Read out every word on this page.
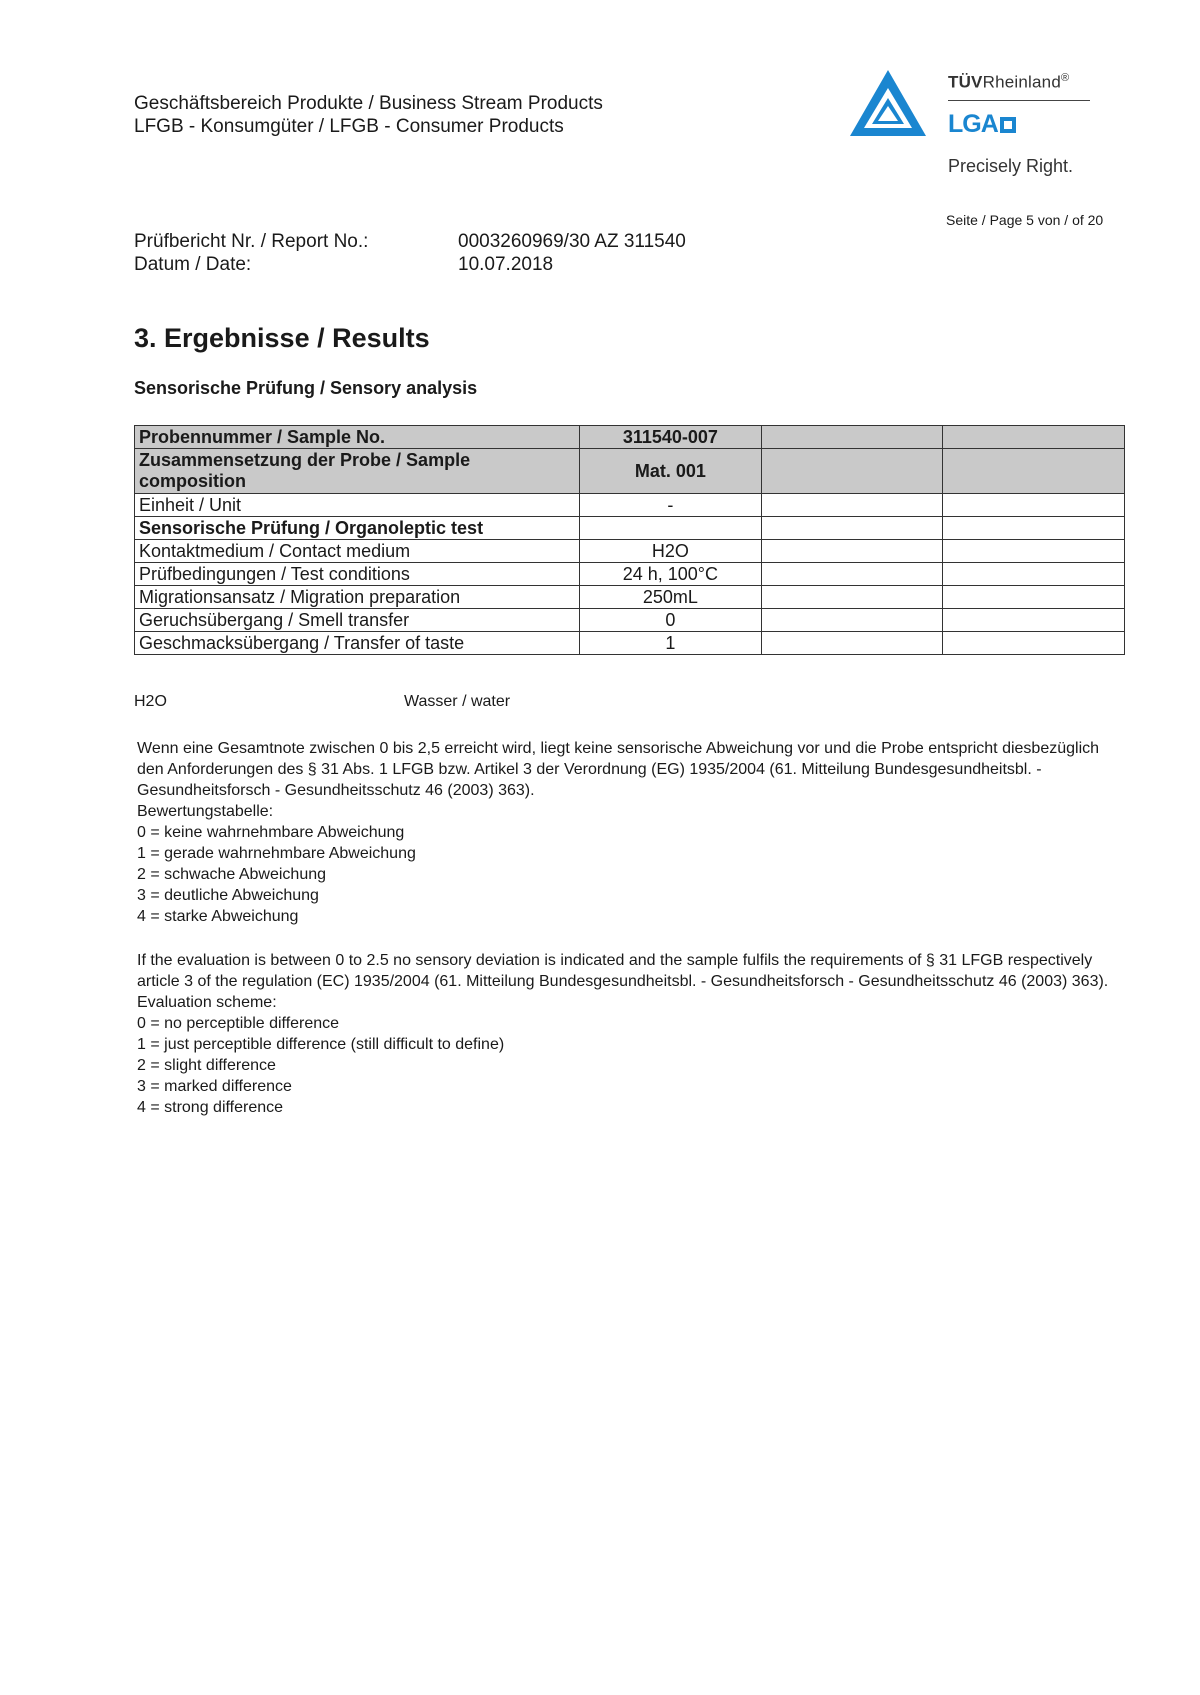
Geschäftsbereich Produkte / Business Stream Products
LFGB - Konsumgüter / LFGB - Consumer Products
TÜVRheinland®
LGA
Precisely Right.
Seite / Page 5 von / of 20
Prüfbericht Nr. / Report No.:	0003260969/30 AZ 311540
Datum / Date:	10.07.2018
3. Ergebnisse / Results
Sensorische Prüfung / Sensory analysis
Probennummer / Sample No.	311540-007		
Zusammensetzung der Probe / Sample composition	Mat. 001		
Einheit / Unit	-		
Sensorische Prüfung / Organoleptic test			
Kontaktmedium / Contact medium	H2O		
Prüfbedingungen / Test conditions	24 h, 100°C		
Migrationsansatz / Migration preparation	250mL		
Geruchsübergang / Smell transfer	0		
Geschmacksübergang / Transfer of taste	1		
H2O	Wasser / water
Wenn eine Gesamtnote zwischen 0 bis 2,5 erreicht wird, liegt keine sensorische Abweichung vor und die Probe entspricht diesbezüglich den Anforderungen des § 31 Abs. 1 LFGB bzw. Artikel 3 der Verordnung (EG) 1935/2004 (61. Mitteilung Bundesgesundheitsbl. - Gesundheitsforsch - Gesundheitsschutz 46 (2003) 363).
Bewertungstabelle:
0 = keine wahrnehmbare Abweichung
1 = gerade wahrnehmbare Abweichung
2 = schwache Abweichung
3 = deutliche Abweichung
4 = starke Abweichung
If the evaluation is between 0 to 2.5 no sensory deviation is indicated and the sample fulfils the requirements of § 31 LFGB respectively article 3 of the regulation (EC) 1935/2004 (61. Mitteilung Bundesgesundheitsbl. - Gesundheitsforsch - Gesundheitsschutz 46 (2003) 363).
Evaluation scheme:
0 = no perceptible difference
1 = just perceptible difference (still difficult to define)
2 = slight difference
3 = marked difference
4 = strong difference
